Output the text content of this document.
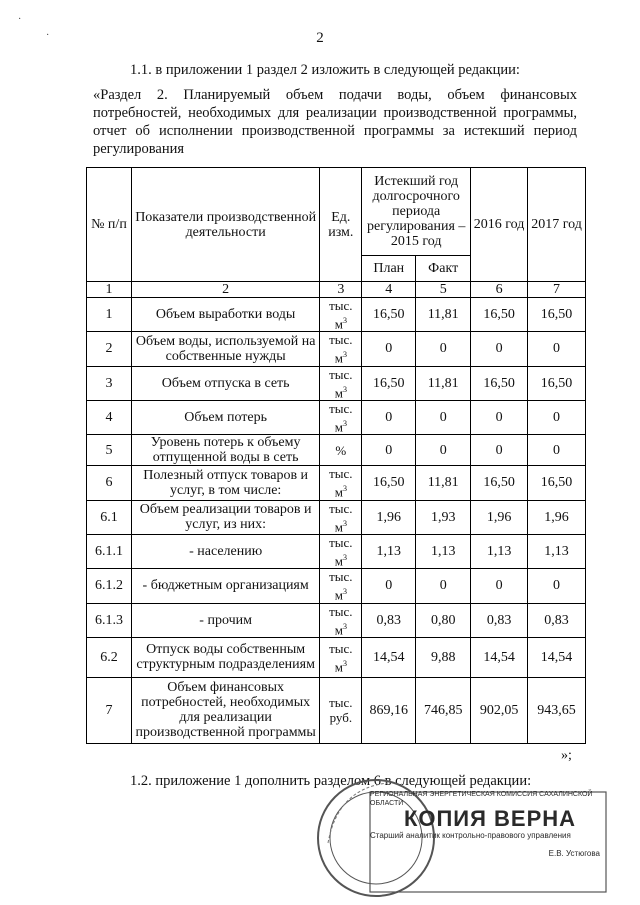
·
·	2
1.1. в приложении 1 раздел 2 изложить в следующей редакции:
«Раздел 2. Планируемый объем подачи воды, объем финансовых потребностей, необходимых для реализации производственной программы, отчет об исполнении производственной программы за истекший период регулирования
№ п/п	Показатели производственной деятельности	Ед. изм.	Истекший год долгосрочного периода регулирования – 2015 год		2016 год	2017 год
			План	Факт		
1	2	3	4	5	6	7
1	Объем выработки воды	тыс. $м^3$	16,50	11,81	16,50	16,50
2	Объем воды, используемой на собственные нужды	тыс. $м^3$	0	0	0	0
3	Объем отпуска в сеть	тыс. $м^3$	16,50	11,81	16,50	16,50
4	Объем потерь	тыс. $м^3$	0	0	0	0
5	Уровень потерь к объему отпущенной воды в сеть	%	0	0	0	0
6	Полезный отпуск товаров и услуг, в том числе:	тыс. $м^3$	16,50	11,81	16,50	16,50
6.1	Объем реализации товаров и услуг, из них:	тыс. $м^3$	1,96	1,93	1,96	1,96
6.1.1	- населению	тыс. $м^3$	1,13	1,13	1,13	1,13
6.1.2	- бюджетным организациям	тыс. $м^3$	0	0	0	0
6.1.3	- прочим	тыс. $м^3$	0,83	0,80	0,83	0,83
6.2	Отпуск воды собственным структурным подразделениям	тыс. $м^3$	14,54	9,88	14,54	14,54
7	Объем финансовых потребностей, необходимых для реализации производственной программы	тыс. руб.	869,16	746,85	902,05	943,65
»;
1.2. приложение 1 дополнить разделом 6 в следующей редакции:
РЕГИОНАЛЬНАЯ ЭНЕРГЕТИЧЕСКАЯ КОМИССИЯ САХАЛИНСКОЙ ОБЛАСТИ
КОПИЯ ВЕРНА
Старший аналитик контрольно-правового управления
Е.В. Устюгова
